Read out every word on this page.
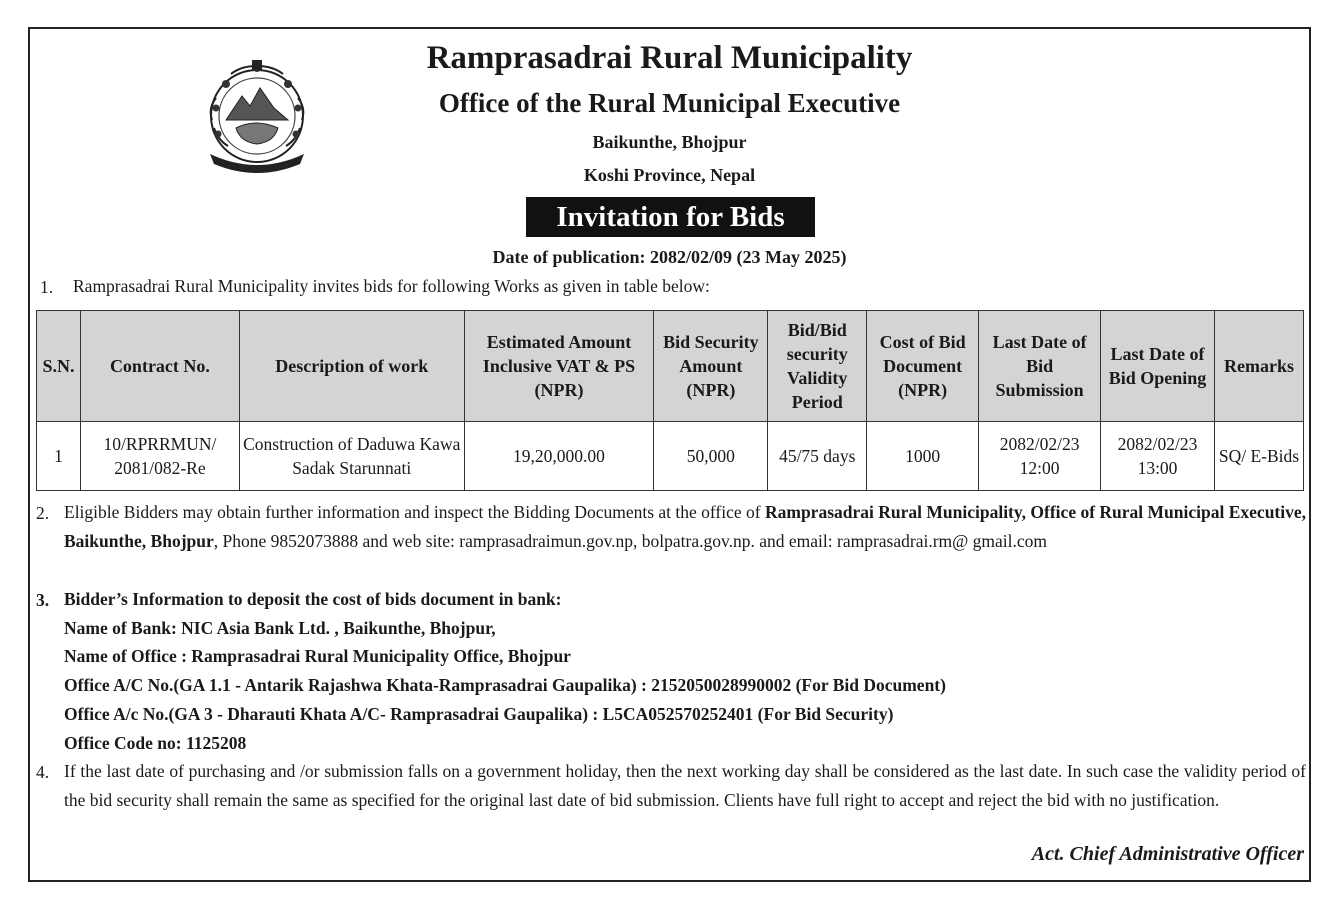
Ramprasadrai Rural Municipality
Office of the Rural Municipal Executive
Baikunthe, Bhojpur
Koshi Province, Nepal
Invitation for Bids
Date of publication: 2082/02/09 (23 May 2025)
1. Ramprasadrai Rural Municipality invites bids for following Works as given in table below:
S.N.	Contract No.	Description of work	Estimated Amount Inclusive VAT & PS (NPR)	Bid Security Amount (NPR)	Bid/Bid security Validity Period	Cost of Bid Document (NPR)	Last Date of Bid Submission	Last Date of Bid Opening	Remarks
1	10/RPRRMUN/ 2081/082-Re	Construction of Daduwa Kawa Sadak Starunnati	19,20,000.00	50,000	45/75 days	1000	2082/02/23 12:00	2082/02/23 13:00	SQ/ E-Bids
2. Eligible Bidders may obtain further information and inspect the Bidding Documents at the office of Ramprasadrai Rural Municipality, Office of Rural Municipal Executive, Baikunthe, Bhojpur, Phone 9852073888 and web site: ramprasadraimun.gov.np, bolpatra.gov.np. and email: ramprasadrai.rm@ gmail.com
3. Bidder’s Information to deposit the cost of bids document in bank:
Name of Bank: NIC Asia Bank Ltd. , Baikunthe, Bhojpur,
Name of Office : Ramprasadrai Rural Municipality Office, Bhojpur
Office A/C No.(GA 1.1 - Antarik Rajashwa Khata-Ramprasadrai Gaupalika) : 2152050028990002 (For Bid Document)
Office A/c No.(GA 3 - Dharauti Khata A/C- Ramprasadrai Gaupalika) : L5CA052570252401 (For Bid Security)
Office Code no: 1125208
4. If the last date of purchasing and /or submission falls on a government holiday, then the next working day shall be considered as the last date. In such case the validity period of the bid security shall remain the same as specified for the original last date of bid submission. Clients have full right to accept and reject the bid with no justification.
Act. Chief Administrative Officer
